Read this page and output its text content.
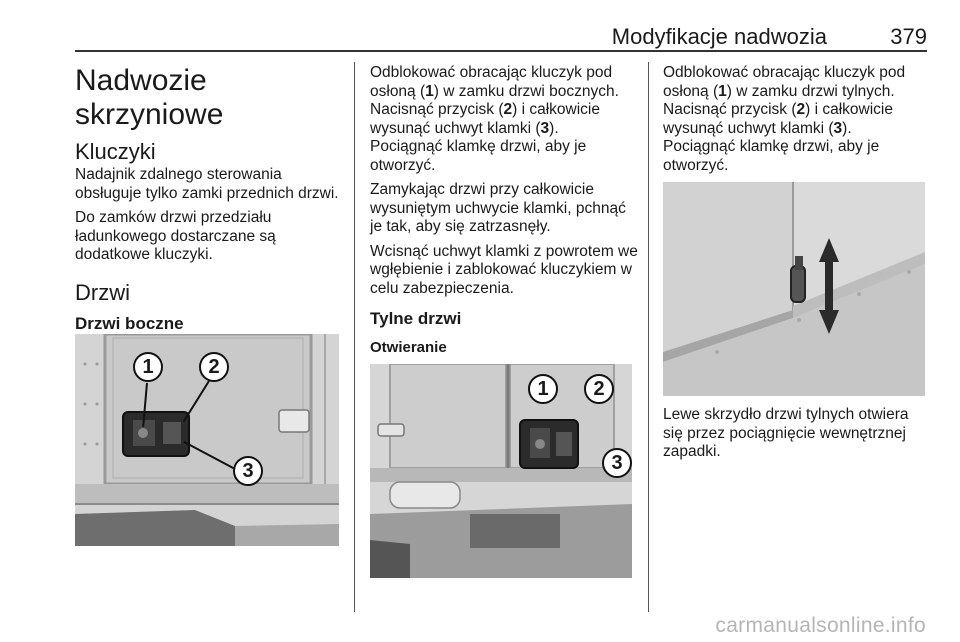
Modyfikacje nadwozia	379
Nadwozie skrzyniowe
Kluczyki

Nadajnik zdalnego sterowania obsługuje tylko zamki przednich drzwi.

Do zamków drzwi przedziału ładunkowego dostarczane są dodatkowe kluczyki.

Drzwi
Drzwi boczne
1	2
3

Odblokować obracając kluczyk pod osłoną (1) w zamku drzwi bocznych. Nacisnąć przycisk (2) i całkowicie wysunąć uchwyt klamki (3).
Pociągnąć klamkę drzwi, aby je otworzyć.

Zamykając drzwi przy całkowicie wysuniętym uchwycie klamki, pchnąć je tak, aby się zatrzasnęły.

Wcisnąć uchwyt klamki z powrotem we wgłębienie i zablokować kluczykiem w celu zabezpieczenia.

Tylne drzwi
Otwieranie
1	2
3

Odblokować obracając kluczyk pod osłoną (1) w zamku drzwi tylnych. Nacisnąć przycisk (2) i całkowicie wysunąć uchwyt klamki (3).
Pociągnąć klamkę drzwi, aby je otworzyć.

Lewe skrzydło drzwi tylnych otwiera się przez pociągnięcie wewnętrznej zapadki.

carmanualsonline.info
